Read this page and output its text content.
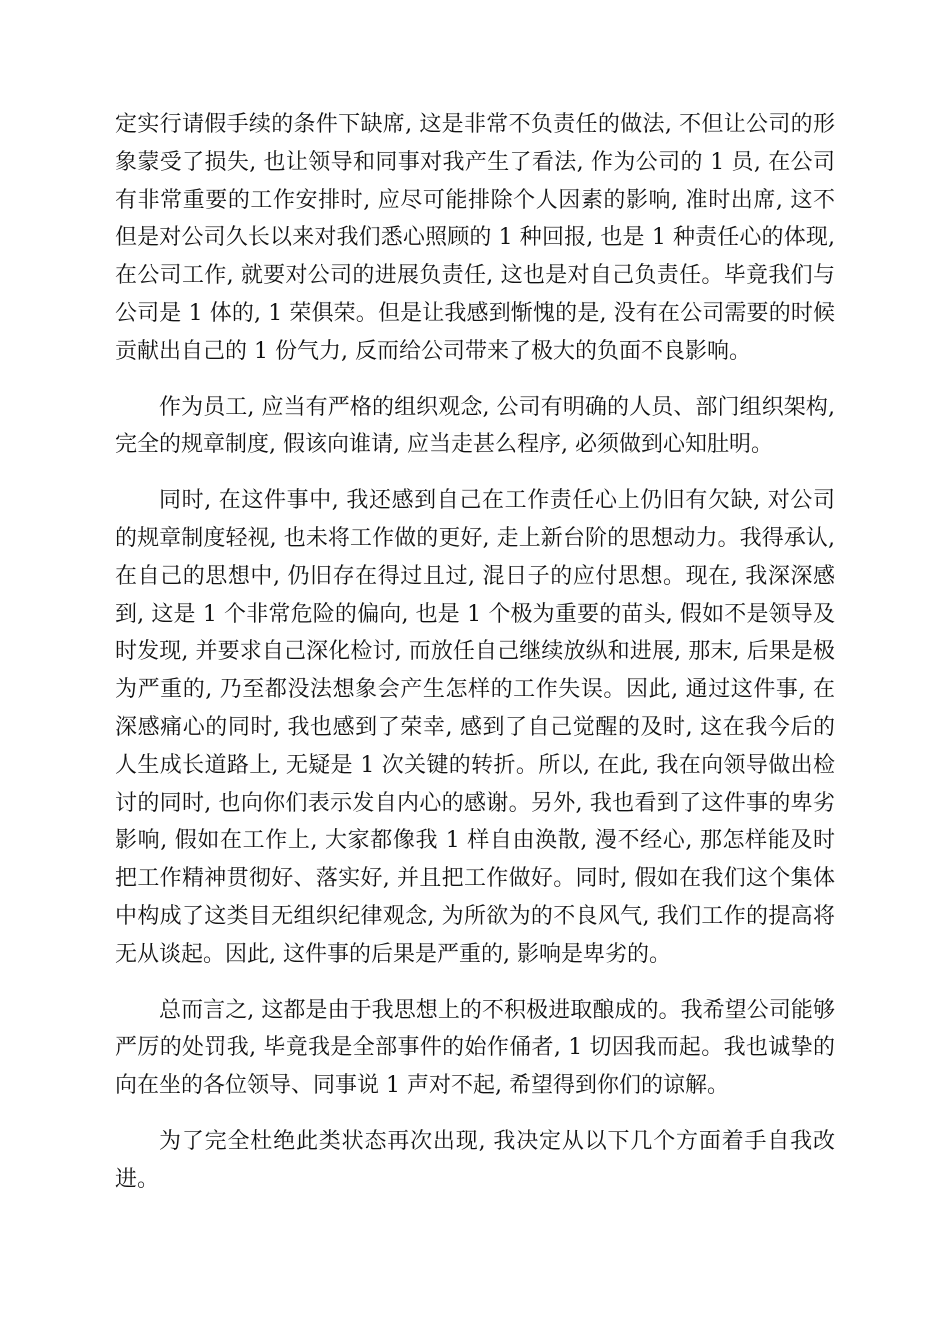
定实行请假手续的条件下缺席, 这是非常不负责任的做法, 不但让公司的形象蒙受了损失, 也让领导和同事对我产生了看法, 作为公司的 1 员, 在公司有非常重要的工作安排时, 应尽可能排除个人因素的影响, 准时出席, 这不但是对公司久长以来对我们悉心照顾的 1 种回报, 也是 1 种责任心的体现, 在公司工作, 就要对公司的进展负责任, 这也是对自己负责任。毕竟我们与公司是 1 体的, 1 荣俱荣。但是让我感到惭愧的是, 没有在公司需要的时候贡献出自己的 1 份气力, 反而给公司带来了极大的负面不良影响。

作为员工, 应当有严格的组织观念, 公司有明确的人员、部门组织架构, 完全的规章制度, 假该向谁请, 应当走甚么程序, 必须做到心知肚明。

同时, 在这件事中, 我还感到自己在工作责任心上仍旧有欠缺, 对公司的规章制度轻视, 也未将工作做的更好, 走上新台阶的思想动力。我得承认, 在自己的思想中, 仍旧存在得过且过, 混日子的应付思想。现在, 我深深感到, 这是 1 个非常危险的偏向, 也是 1 个极为重要的苗头, 假如不是领导及时发现, 并要求自己深化检讨, 而放任自己继续放纵和进展, 那末, 后果是极为严重的, 乃至都没法想象会产生怎样的工作失误。因此, 通过这件事, 在深感痛心的同时, 我也感到了荣幸, 感到了自己觉醒的及时, 这在我今后的人生成长道路上, 无疑是 1 次关键的转折。所以, 在此, 我在向领导做出检讨的同时, 也向你们表示发自内心的感谢。另外, 我也看到了这件事的卑劣影响, 假如在工作上, 大家都像我 1 样自由涣散, 漫不经心, 那怎样能及时把工作精神贯彻好、落实好, 并且把工作做好。同时, 假如在我们这个集体中构成了这类目无组织纪律观念, 为所欲为的不良风气, 我们工作的提高将无从谈起。因此, 这件事的后果是严重的, 影响是卑劣的。

总而言之, 这都是由于我思想上的不积极进取酿成的。我希望公司能够严厉的处罚我, 毕竟我是全部事件的始作俑者, 1 切因我而起。我也诚挚的向在坐的各位领导、同事说 1 声对不起, 希望得到你们的谅解。

为了完全杜绝此类状态再次出现, 我决定从以下几个方面着手自我改进。
